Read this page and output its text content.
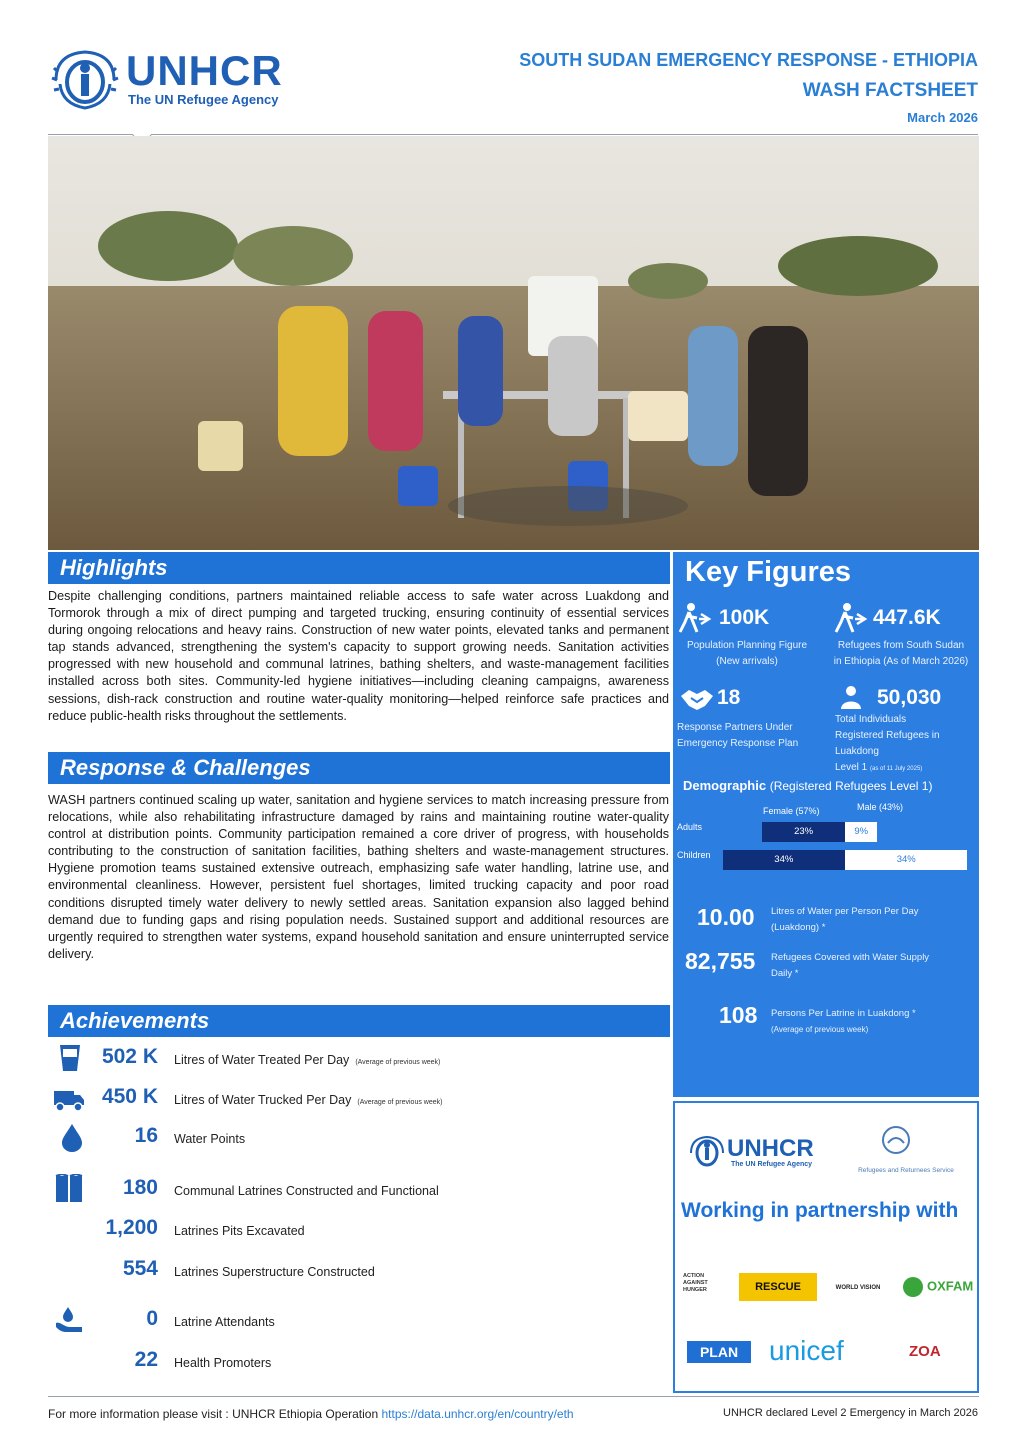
UNHCR
The UN Refugee Agency
SOUTH SUDAN EMERGENCY RESPONSE - ETHIOPIA
WASH FACTSHEET
March 2026
Highlights
Despite challenging conditions, partners maintained reliable access to safe water across Luakdong and Tormorok through a mix of direct pumping and targeted trucking, ensuring continuity of essential services during ongoing relocations and heavy rains. Construction of new water points, elevated tanks and permanent tap stands advanced, strengthening the system's capacity to support growing needs. Sanitation activities progressed with new household and communal latrines, bathing shelters, and waste-management facilities installed across both sites. Community-led hygiene initiatives—including cleaning campaigns, awareness sessions, dish-rack construction and routine water-quality monitoring—helped reinforce safe practices and reduce public-health risks throughout the settlements.
Response & Challenges
WASH partners continued scaling up water, sanitation and hygiene services to match increasing pressure from relocations, while also rehabilitating infrastructure damaged by rains and maintaining routine water-quality control at distribution points. Community participation remained a core driver of progress, with households contributing to the construction of sanitation facilities, bathing shelters and waste-management structures. Hygiene promotion teams sustained extensive outreach, emphasizing safe water handling, latrine use, and environmental cleanliness. However, persistent fuel shortages, limited trucking capacity and poor road conditions disrupted timely water delivery to newly settled areas. Sanitation expansion also lagged behind demand due to funding gaps and rising population needs. Sustained support and additional resources are urgently required to strengthen water systems, expand household sanitation and ensure uninterrupted service delivery.
Achievements
502 K Litres of Water Treated Per Day (Average of previous week)
450 K Litres of Water Trucked Per Day (Average of previous week)
16 Water Points
180 Communal Latrines Constructed and Functional
1,200 Latrines Pits Excavated
554 Latrines Superstructure Constructed
0 Latrine Attendants
22 Health Promoters
Key Figures
100K
Population Planning Figure
(New arrivals)
447.6K
Refugees from South Sudan
in Ethiopia (As of March 2026)
18
Response Partners Under
Emergency Response Plan
50,030
Total Individuals
Registered Refugees in
Luakdong
Level 1 (as of 11 July 2025)
Demographic (Registered Refugees Level 1)
Female (57%)	Male (43%)
Adults	23%	9%
Children	34%	34%
10.00 Litres of Water per Person Per Day
(Luakdong) *
82,755 Refugees Covered with Water Supply
Daily *
108 Persons Per Latrine in Luakdong *
(Average of previous week)
UNHCR
The UN Refugee Agency
Refugees and Returnees Service
Working in partnership with
ACTION AGAINST HUNGER	RESCUE	WORLD VISION	OXFAM
PLAN	unicef	ZOA
For more information please visit : UNHCR Ethiopia Operation https://data.unhcr.org/en/country/eth	UNHCR declared Level 2 Emergency in March 2026
